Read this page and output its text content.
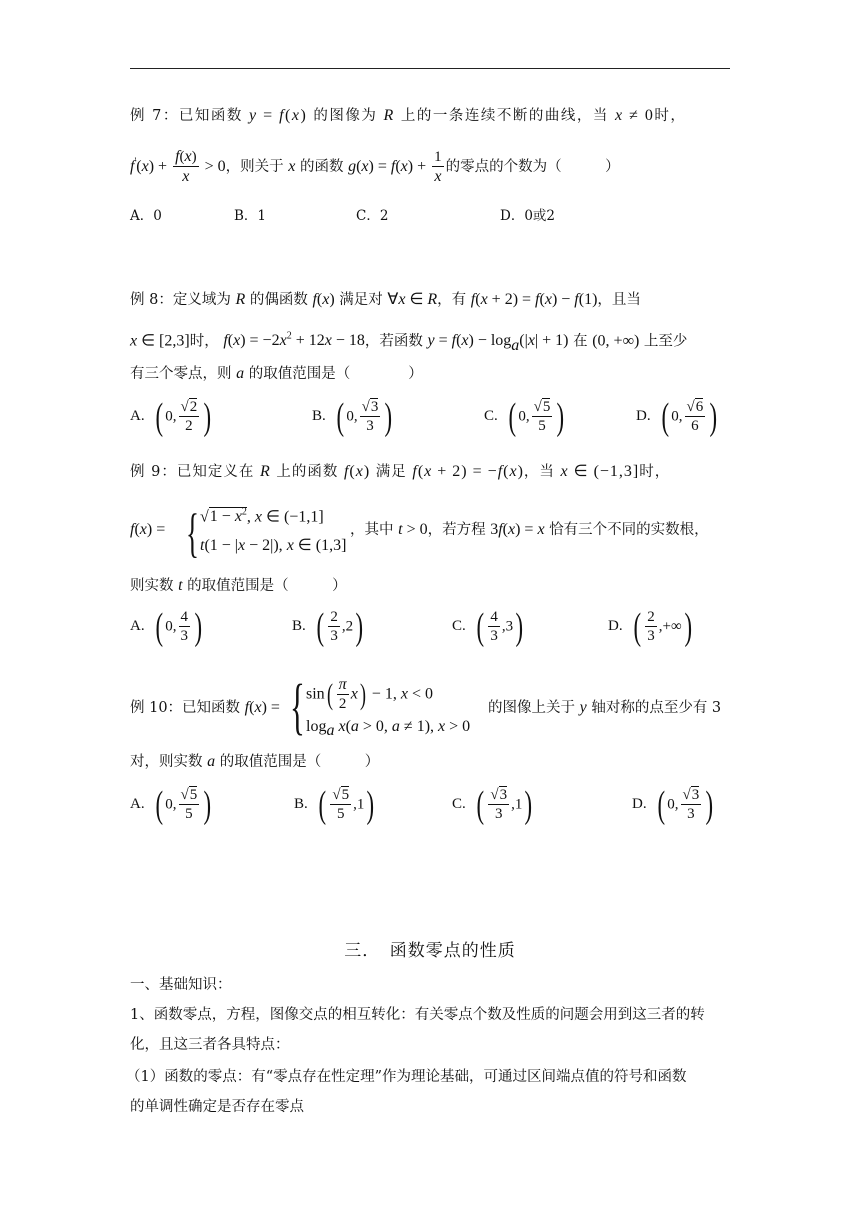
例 7：已知函数 y = f(x) 的图像为 R 上的一条连续不断的曲线，当 x ≠ 0时，
$f'(x) + \frac{f(x)}{x} > 0$，则关于 x 的函数 $g(x) = f(x) + \frac{1}{x}$ 的零点的个数为（　　　）
A．0	B．1	C．2	D．0或2
例 8：定义域为 R 的偶函数 f(x) 满足对 ∀x ∈ R，有 f(x + 2) = f(x) − f(1)，且当
x ∈ [2,3]时， $f(x) = -2x^2 + 12x - 18$，若函数 $y = f(x) - \log_a(|x| + 1)$ 在 (0, +∞) 上至少
有三个零点，则 a 的取值范围是（　　　　）
A. ( 0, $\frac{√2}{2}$ )	B. ( 0, $\frac{√3}{3}$ )	C. ( 0, $\frac{√5}{5}$ )	D. ( 0, $\frac{√6}{6}$ )
例 9：已知定义在 R 上的函数 f(x) 满足 f(x + 2) = −f(x)，当 x ∈ (−1,3]时，
f(x) = { $√1 - x^2$, x ∈ (−1,1]
t(1 − |x − 2|), x ∈ (1,3]
，其中 t > 0，若方程 3f(x) = x 恰有三个不同的实数根，
则实数 t 的取值范围是（　　　）
A. ( 0, $\frac{4}{3}$ )	B. ( $\frac{2}{3} ,2$)	C. ( $\frac{4}{3} ,3$)	D. ( $\frac{2}{3}$ ,+∞)
例 10：已知函数 f(x) = { $\sin( \frac{\pi}{2} x) - 1$, x < 0
$\log_a x(a > 0$, a ≠ 1), x > 0
的图像上关于 y 轴对称的点至少有 3
对，则实数 a 的取值范围是（　　　）
A. ( 0, $\frac{√5}{5}$ )	B. ( $\frac{√5}{5} ,1$)	C. ( $\frac{√3}{3} ,1$)	D. ( 0, $\frac{√3}{3}$ )
三．　函数零点的性质
一、基础知识：
1、函数零点，方程，图像交点的相互转化：有关零点个数及性质的问题会用到这三者的转
化，且这三者各具特点：
（1）函数的零点：有“零点存在性定理”作为理论基础，可通过区间端点值的符号和函数
的单调性确定是否存在零点
